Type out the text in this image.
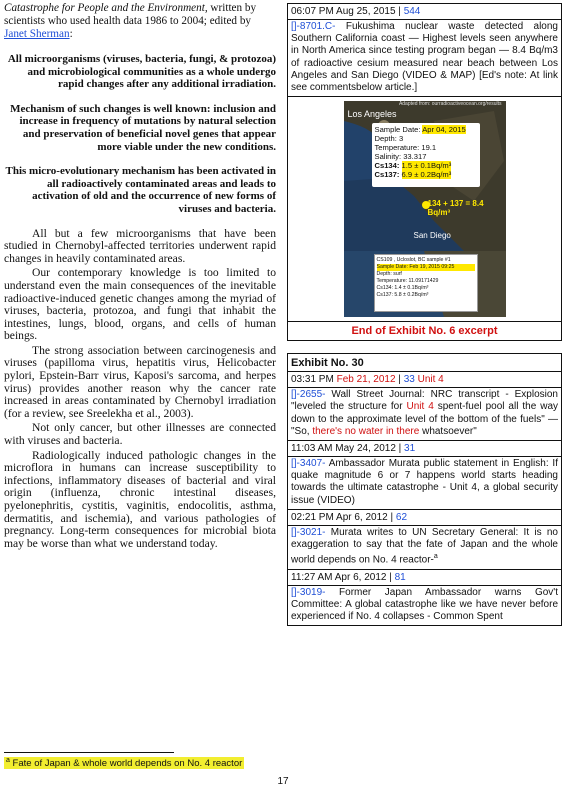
Catastrophe for People and the Environment, written by scientists who used health data 1986 to 2004; edited by Janet Sherman:

All microorganisms (viruses, bacteria, fungi, & protozoa) and microbiological communities as a whole undergo rapid changes after any additional irradiation.

Mechanism of such changes is well known: inclusion and increase in frequency of mutations by natural selection and preservation of beneficial novel genes that appear more viable under the new conditions.

This micro-evolutionary mechanism has been activated in all radioactively contaminated areas and leads to activation of old and the occurrence of new forms of viruses and bacteria.

All but a few microorganisms that have been studied in Chernobyl-affected territories underwent rapid changes in heavily contaminated areas.

Our contemporary knowledge is too limited to understand even the main consequences of the inevitable radioactive-induced genetic changes among the myriad of viruses, bacteria, protozoa, and fungi that inhabit the intestines, lungs, blood, organs, and cells of human beings.

The strong association between carcinogenesis and viruses (papilloma virus, hepatitis virus, Helicobacter pylori, Epstein-Barr virus, Kaposi's sarcoma, and herpes virus) provides another reason why the cancer rate increased in areas contaminated by Chernobyl irradiation (for a review, see Sreelekha et al., 2003).

Not only cancer, but other illnesses are connected with viruses and bacteria.

Radiologically induced pathologic changes in the microflora in humans can increase susceptibility to infections, inflammatory diseases of bacterial and viral origin (influenza, chronic intestinal diseases, pyelonephritis, cystitis, vaginitis, endocolitis, asthma, dermatitis, and ischemia), and various pathologies of pregnancy. Long-term consequences for microbial biota may be worse than what we understand today.

06:07 PM Aug 25, 2015 | 544
[]-8701.C- Fukushima nuclear waste detected along Southern California coast — Highest levels seen anywhere in North America since testing program began — 8.4 Bq/m3 of radioactive cesium measured near beach between Los Angeles and San Diego (VIDEO & MAP) [Ed's note: At link see commentsbelow article.]
Adapted from: ourradioactiveocean.org/results
Los Angeles
Sample Date: Apr 04, 2015
Depth: 3
Temperature: 19.1
Salinity: 33.317
Cs134: 1.5 ± 0.1Bq/m³
Cs137: 6.9 ± 0.2Bq/m³
134 + 137 = 8.4 Bq/m³
San Diego
CS109 , Ucloslot, BC sample #1
Sample Date: Feb 19, 2015 09:25
Depth: surf
Temperature: 11.09171429
Cs134: 1.4 ± 0.1Bq/m³
Cs137: 5.8 ± 0.2Bq/m³
End of Exhibit No. 6 excerpt
Exhibit No. 30
03:31 PM Feb 21, 2012 | 33 Unit 4
[]-2655- Wall Street Journal: NRC transcript - Explosion "leveled the structure for Unit 4 spent-fuel pool all the way down to the approximate level of the bottom of the fuels" — "So, there's no water in there whatsoever"
11:03 AM May 24, 2012 | 31
[]-3407- Ambassador Murata public statement in English: If quake magnitude 6 or 7 happens world starts heading towards the ultimate catastrophe - Unit 4, a global security issue (VIDEO)
02:21 PM Apr 6, 2012 | 62
[]-3021- Murata writes to UN Secretary General: It is no exaggeration to say that the fate of Japan and the whole world depends on No. 4 reactor-$^a$
11:27 AM Apr 6, 2012 | 81
[]-3019- Former Japan Ambassador warns Gov't Committee: A global catastrophe like we have never before experienced if No. 4 collapses - Common Spent
$^a$ Fate of Japan & whole world depends on No. 4 reactor
17
